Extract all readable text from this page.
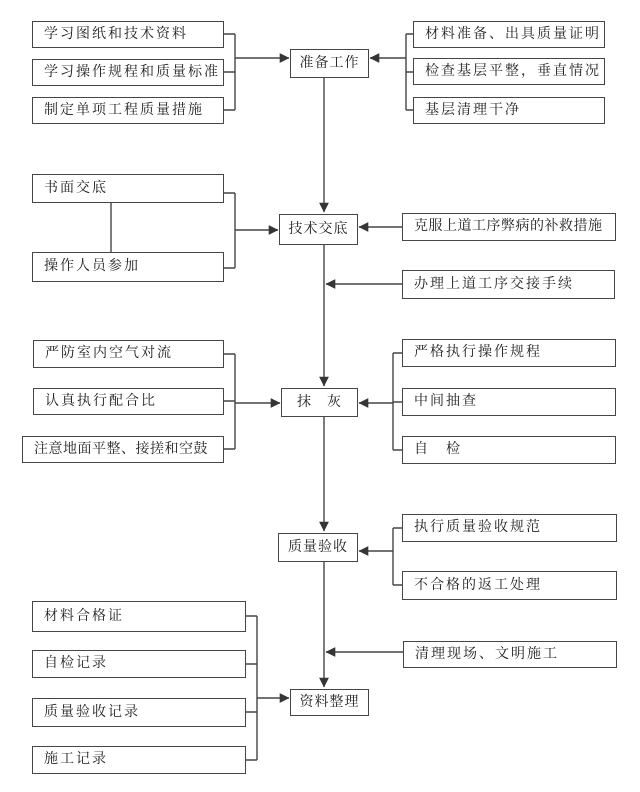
学习图纸和技术资料
学习操作规程和质量标准
制定单项工程质量措施
准备工作
材料准备、出具质量证明
检查基层平整，垂直情况
基层清理干净
书面交底
操作人员参加
技术交底	克服上道工序弊病的补救措施
办理上道工序交接手续
严防室内空气对流
认真执行配合比
注意地面平整、接搓和空鼓
抹　灰
严格执行操作规程
中间抽查
自　检
质量验收
执行质量验收规范
不合格的返工处理
材料合格证
自检记录
质量验收记录
施工记录
资料整理
清理现场、文明施工
